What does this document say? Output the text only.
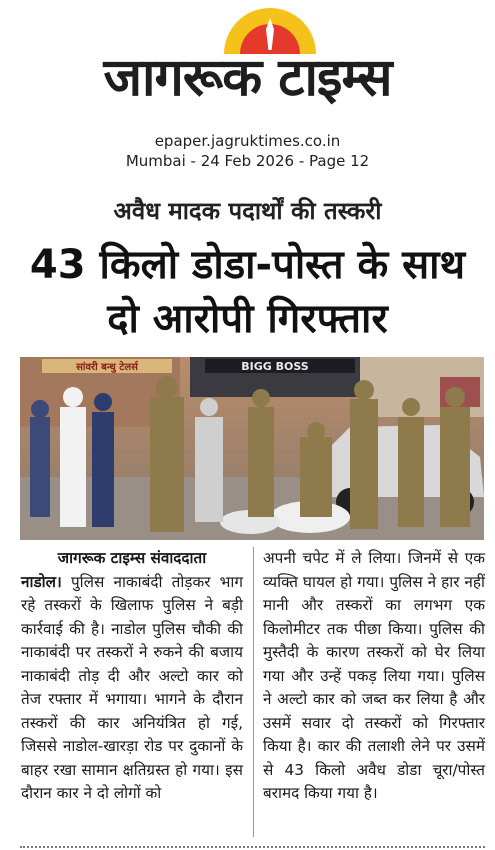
जागरूक टाइम्स
epaper.jagruktimes.co.in
Mumbai - 24 Feb 2026 - Page 12
अवैध मादक पदार्थों की तस्करी
43 किलो डोडा-पोस्त के साथ दो आरोपी गिरफ्तार
सांवरी बन्धु टेलर्स	BIGG BOSS
जागरूक टाइम्स संवाददाता
नाडोल। पुलिस नाकाबंदी तोड़कर भाग रहे तस्करों के खिलाफ पुलिस ने बड़ी कार्रवाई की है। नाडोल पुलिस चौकी की नाकाबंदी पर तस्करों ने रुकने की बजाय नाकाबंदी तोड़ दी और अल्टो कार को तेज रफ्तार में भगाया। भागने के दौरान तस्करों की कार अनियंत्रित हो गई, जिससे नाडोल-खारड़ा रोड पर दुकानों के बाहर रखा सामान क्षतिग्रस्त हो गया। इस दौरान कार ने दो लोगों को
अपनी चपेट में ले लिया। जिनमें से एक व्यक्ति घायल हो गया। पुलिस ने हार नहीं मानी और तस्करों का लगभग एक किलोमीटर तक पीछा किया। पुलिस की मुस्तैदी के कारण तस्करों को घेर लिया गया और उन्हें पकड़ लिया गया। पुलिस ने अल्टो कार को जब्त कर लिया है और उसमें सवार दो तस्करों को गिरफ्तार किया है। कार की तलाशी लेने पर उसमें से 43 किलो अवैध डोडा चूरा/पोस्त बरामद किया गया है।
